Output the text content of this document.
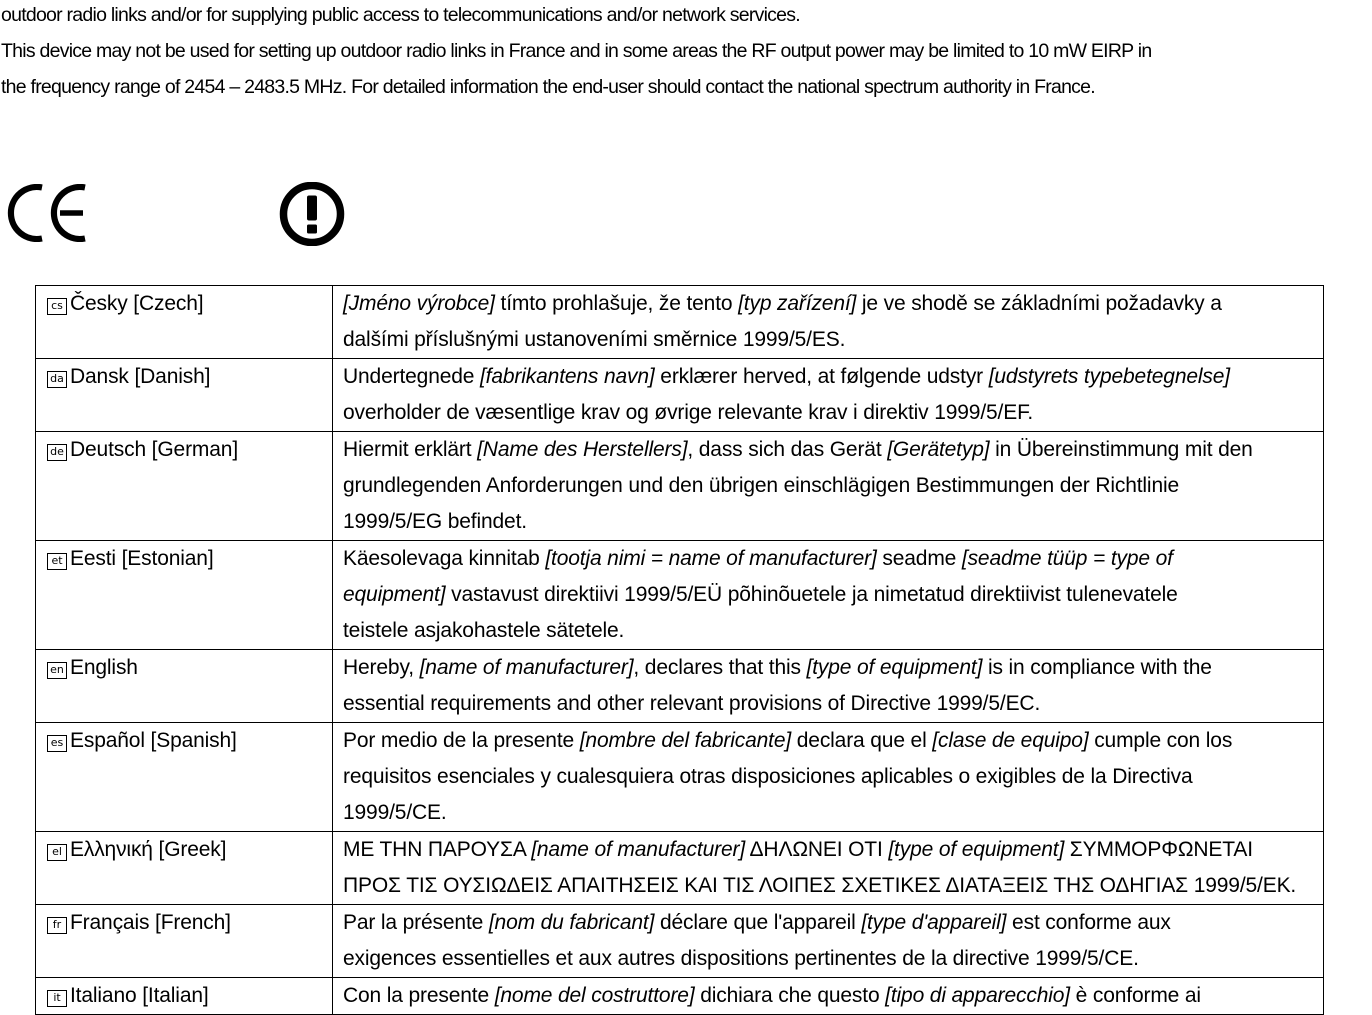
outdoor radio links and/or for supplying public access to telecommunications and/or network services.

This device may not be used for setting up outdoor radio links in France and in some areas the RF output power may be limited to 10 mW EIRP in

the frequency range of 2454 – 2483.5 MHz. For detailed information the end-user should contact the national spectrum authority in France.

cs Česky [Czech]	[Jméno výrobce] tímto prohlašuje, že tento [typ zařízení] je ve shodě se základními požadavky a
dalšími příslušnými ustanoveními směrnice 1999/5/ES.

da Dansk [Danish]	Undertegnede [fabrikantens navn] erklærer herved, at følgende udstyr [udstyrets typebetegnelse]
overholder de væsentlige krav og øvrige relevante krav i direktiv 1999/5/EF.

de Deutsch [German]	Hiermit erklärt [Name des Herstellers], dass sich das Gerät [Gerätetyp] in Übereinstimmung mit den
grundlegenden Anforderungen und den übrigen einschlägigen Bestimmungen der Richtlinie
1999/5/EG befindet.

et Eesti [Estonian]	Käesolevaga kinnitab [tootja nimi = name of manufacturer] seadme [seadme tüüp = type of
equipment] vastavust direktiivi 1999/5/EÜ põhinõuetele ja nimetatud direktiivist tulenevatele
teistele asjakohastele sätetele.

en English	Hereby, [name of manufacturer], declares that this [type of equipment] is in compliance with the
essential requirements and other relevant provisions of Directive 1999/5/EC.

es Español [Spanish]	Por medio de la presente [nombre del fabricante] declara que el [clase de equipo] cumple con los
requisitos esenciales y cualesquiera otras disposiciones aplicables o exigibles de la Directiva
1999/5/CE.

el Ελληνική [Greek]	ΜΕ ΤΗΝ ΠΑΡΟΥΣΑ [name of manufacturer] ΔΗΛΩΝΕΙ ΟΤΙ [type of equipment] ΣΥΜΜΟΡΦΩΝΕΤΑΙ
ΠΡΟΣ ΤΙΣ ΟΥΣΙΩΔΕΙΣ ΑΠΑΙΤΗΣΕΙΣ ΚΑΙ ΤΙΣ ΛΟΙΠΕΣ ΣΧΕΤΙΚΕΣ ΔΙΑΤΑΞΕΙΣ ΤΗΣ ΟΔΗΓΙΑΣ 1999/5/ΕΚ.

fr Français [French]	Par la présente [nom du fabricant] déclare que l'appareil [type d'appareil] est conforme aux
exigences essentielles et aux autres dispositions pertinentes de la directive 1999/5/CE.

it Italiano [Italian]	Con la presente [nome del costruttore] dichiara che questo [tipo di apparecchio] è conforme ai
